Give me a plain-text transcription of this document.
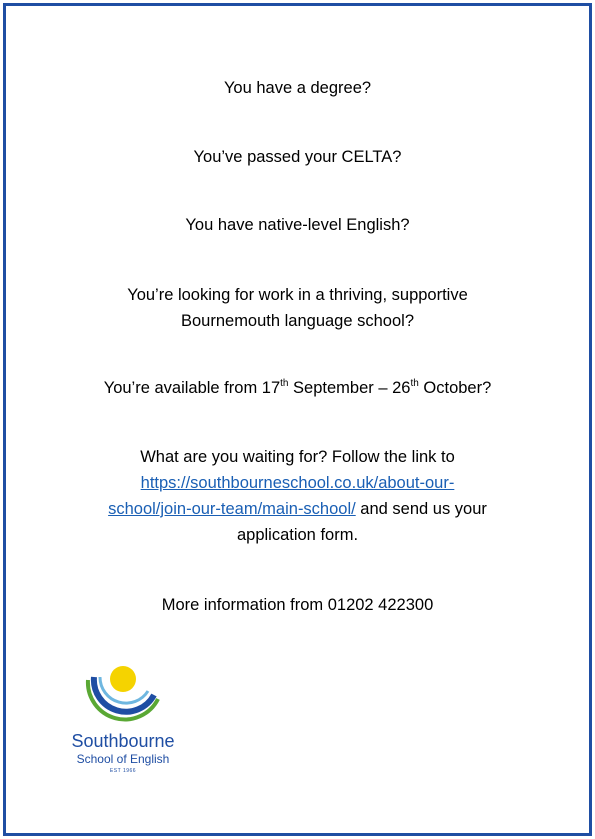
You have a degree?
You’ve passed your CELTA?
You have native-level English?
You’re looking for work in a thriving, supportive
Bournemouth language school?
You’re available from 17th September – 26th October?
What are you waiting for? Follow the link to
https://southbourneschool.co.uk/about-our-
school/join-our-team/main-school/ and send us your
application form.
More information from 01202 422300
Southbourne
School of English
EST 1966
